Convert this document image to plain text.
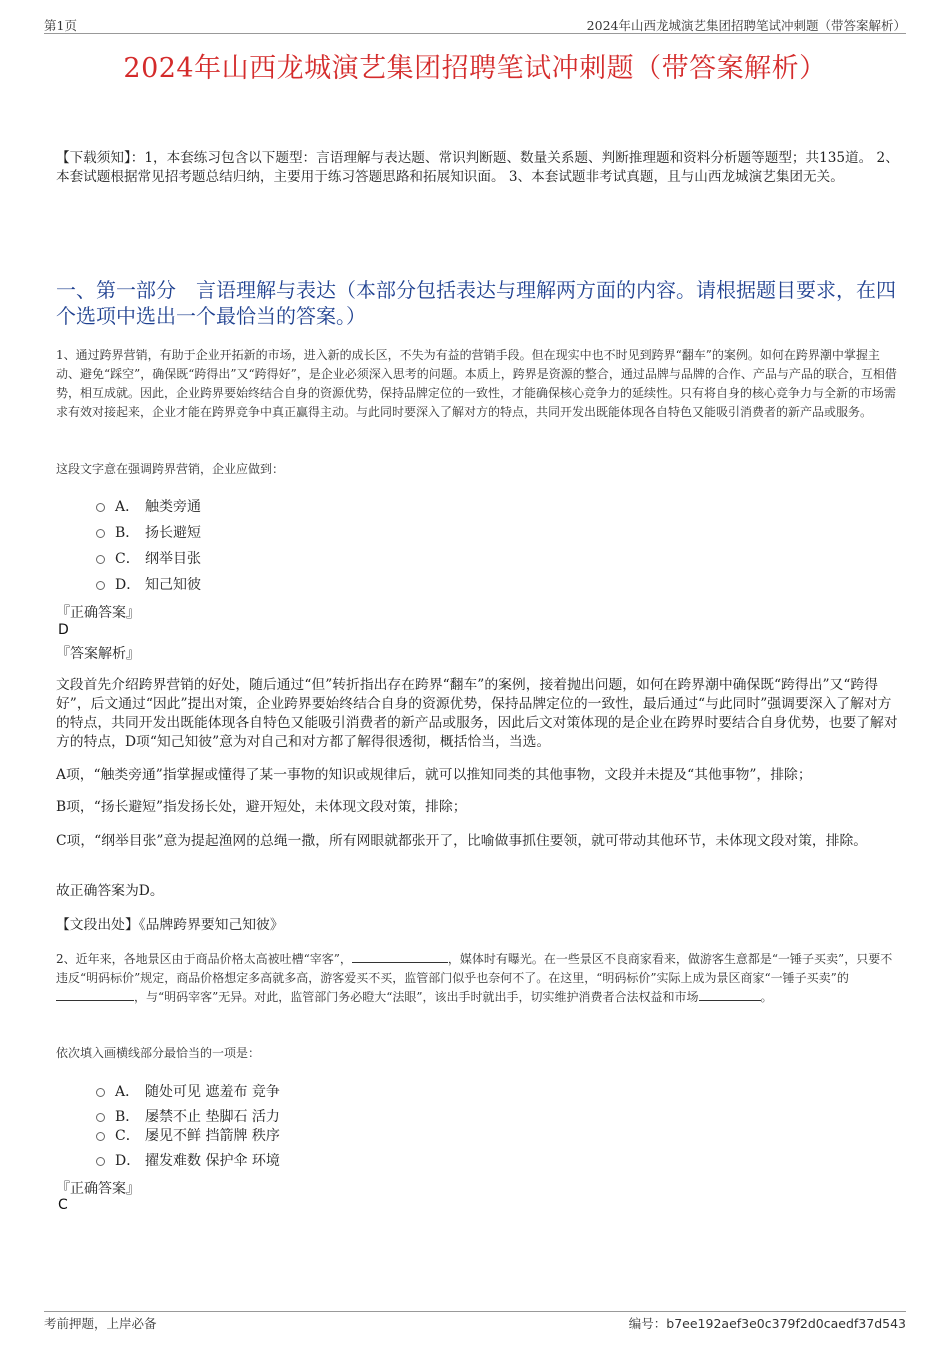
第1页	2024年山西龙城演艺集团招聘笔试冲刺题（带答案解析）
2024年山西龙城演艺集团招聘笔试冲刺题（带答案解析）
【下载须知】：1，本套练习包含以下题型：言语理解与表达题、常识判断题、数量关系题、判断推理题和资料分析题等题型；共135道。 2、本套试题根据常见招考题总结归纳，主要用于练习答题思路和拓展知识面。 3、本套试题非考试真题，且与山西龙城演艺集团无关。
一、第一部分　言语理解与表达（本部分包括表达与理解两方面的内容。请根据题目要求，在四个选项中选出一个最恰当的答案。）
1、通过跨界营销，有助于企业开拓新的市场，进入新的成长区，不失为有益的营销手段。但在现实中也不时见到跨界“翻车”的案例。如何在跨界潮中掌握主动、避免“踩空”，确保既“跨得出”又“跨得好”，是企业必须深入思考的问题。本质上，跨界是资源的整合，通过品牌与品牌的合作、产品与产品的联合，互相借势，相互成就。因此，企业跨界要始终结合自身的资源优势，保持品牌定位的一致性，才能确保核心竞争力的延续性。只有将自身的核心竞争力与全新的市场需求有效对接起来，企业才能在跨界竞争中真正赢得主动。与此同时要深入了解对方的特点，共同开发出既能体现各自特色又能吸引消费者的新产品或服务。
这段文字意在强调跨界营销，企业应做到：
A． 触类旁通
B． 扬长避短
C． 纲举目张
D． 知己知彼
『正确答案』
D
『答案解析』
文段首先介绍跨界营销的好处，随后通过“但”转折指出存在跨界“翻车”的案例，接着抛出问题，如何在跨界潮中确保既“跨得出”又“跨得好”，后文通过“因此”提出对策，企业跨界要始终结合自身的资源优势，保持品牌定位的一致性，最后通过“与此同时”强调要深入了解对方的特点，共同开发出既能体现各自特色又能吸引消费者的新产品或服务，因此后文对策体现的是企业在跨界时要结合自身优势，也要了解对方的特点，D项“知己知彼”意为对自己和对方都了解得很透彻，概括恰当，当选。
A项，“触类旁通”指掌握或懂得了某一事物的知识或规律后，就可以推知同类的其他事物，文段并未提及“其他事物”，排除；
B项，“扬长避短”指发扬长处，避开短处，未体现文段对策，排除；
C项，“纲举目张”意为提起渔网的总绳一撒，所有网眼就都张开了，比喻做事抓住要领，就可带动其他环节，未体现文段对策，排除。
故正确答案为D。
【文段出处】《品牌跨界要知己知彼》
2、近年来，各地景区由于商品价格太高被吐槽“宰客”，	，媒体时有曝光。在一些景区不良商家看来，做游客生意都是“一锤子买卖”，只要不违反“明码标价”规定，商品价格想定多高就多高，游客爱买不买，监管部门似乎也奈何不了。在这里，“明码标价”实际上成为景区商家“一锤子买卖”的，与“明码宰客”无异。对此，监管部门务必瞪大“法眼”，该出手时就出手，切实维护消费者合法权益和市场	。
依次填入画横线部分最恰当的一项是：
A． 随处可见 遮羞布 竞争
B． 屡禁不止 垫脚石 活力
C． 屡见不鲜 挡箭牌 秩序
D． 擢发难数 保护伞 环境
『正确答案』
C
考前押题，上岸必备	编号：b7ee192aef3e0c379f2d0caedf37d543
